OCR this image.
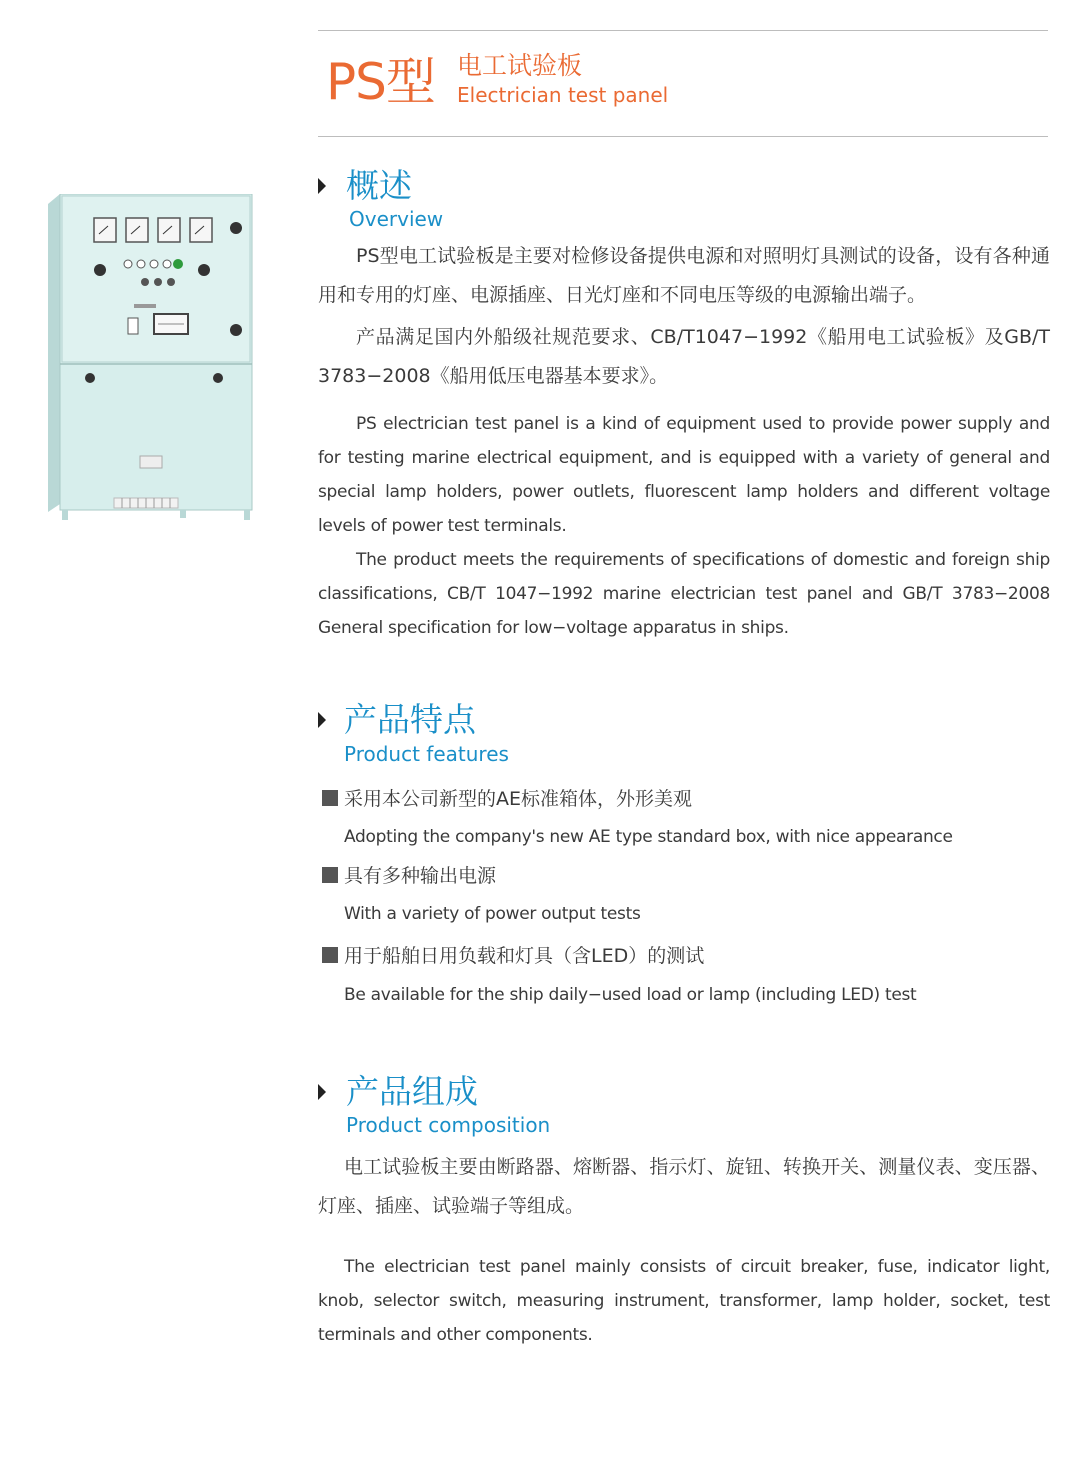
PS型 电工试验板
Electrician test panel
概述
Overview

PS型电工试验板是主要对检修设备提供电源和对照明灯具测试的设备，设有各种通用和专用的灯座、电源插座、日光灯座和不同电压等级的电源输出端子。

产品满足国内外船级社规范要求、CB/T1047−1992《船用电工试验板》及GB/T 3783−2008《船用低压电器基本要求》。

PS electrician test panel is a kind of equipment used to provide power supply and for testing marine electrical equipment, and is equipped with a variety of general and special lamp holders, power outlets, fluorescent lamp holders and different voltage levels of power test terminals.

The product meets the requirements of specifications of domestic and foreign ship classifications, CB/T 1047−1992 marine electrician test panel and GB/T 3783−2008 General specification for low−voltage apparatus in ships.

产品特点
Product features
采用本公司新型的AE标准箱体，外形美观
Adopting the company's new AE type standard box, with nice appearance
具有多种输出电源
With a variety of power output tests
用于船舶日用负载和灯具（含LED）的测试
Be available for the ship daily−used load or lamp (including LED) test
产品组成
Product composition

电工试验板主要由断路器、熔断器、指示灯、旋钮、转换开关、测量仪表、变压器、灯座、插座、试验端子等组成。

The electrician test panel mainly consists of circuit breaker, fuse, indicator light, knob, selector switch, measuring instrument, transformer, lamp holder, socket, test terminals and other components.
